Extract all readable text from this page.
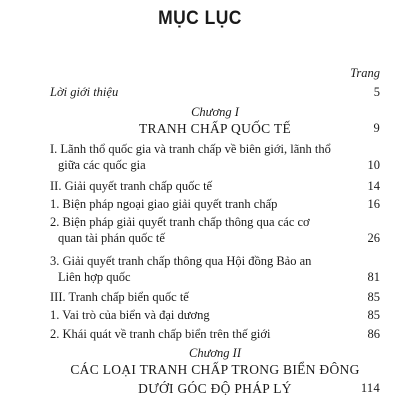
MỤC LỤC
Trang
Lời giới thiệu	5
Chương I
TRANH CHẤP QUỐC TẾ	9
I. Lãnh thổ quốc gia và tranh chấp về biên giới, lãnh thổ
giữa các quốc gia	10
II. Giải quyết tranh chấp quốc tế	14
1. Biện pháp ngoại giao giải quyết tranh chấp	16
2. Biện pháp giải quyết tranh chấp thông qua các cơ
quan tài phán quốc tế	26
3. Giải quyết tranh chấp thông qua Hội đồng Bảo an
Liên hợp quốc	81
III. Tranh chấp biển quốc tế	85
1. Vai trò của biển và đại dương	85
2. Khái quát về tranh chấp biển trên thế giới	86
Chương II
CÁC LOẠI TRANH CHẤP TRONG BIỂN ĐÔNG
DƯỚI GÓC ĐỘ PHÁP LÝ	114
